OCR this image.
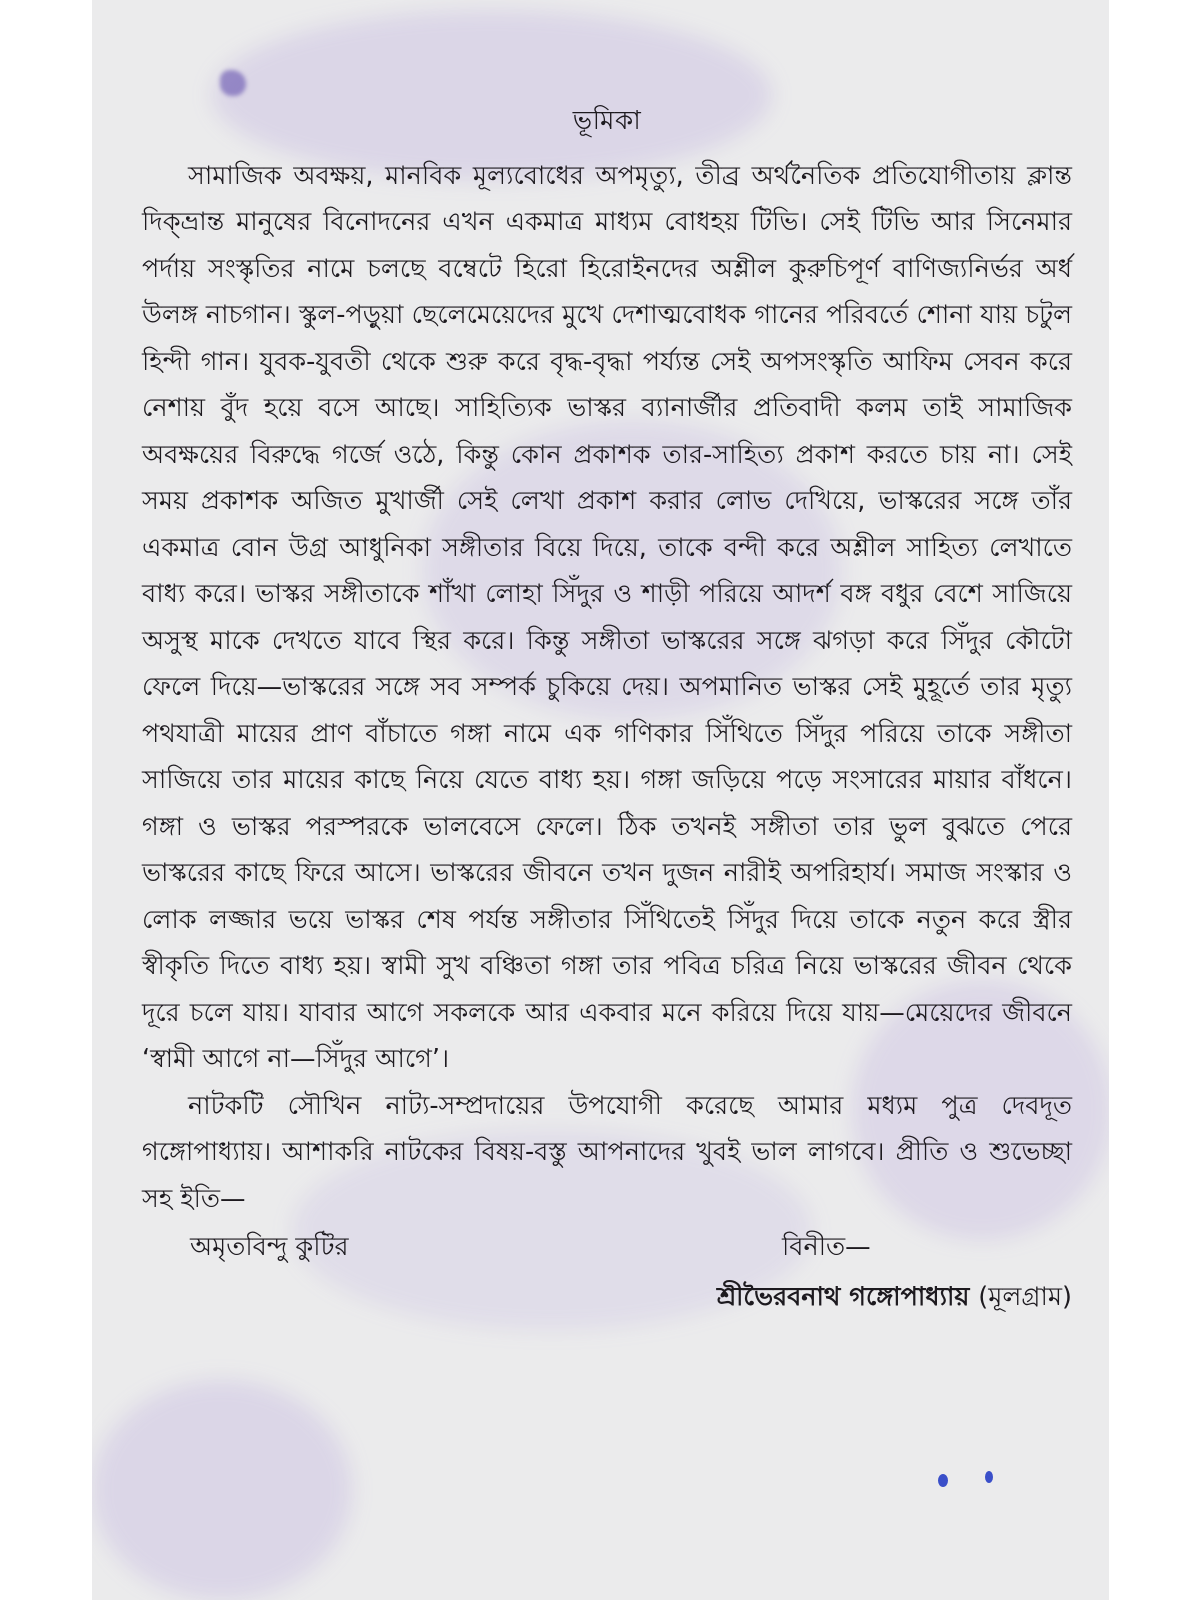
ভূমিকা

সামাজিক অবক্ষয়, মানবিক মূল্যবোধের অপমৃত্যু, তীব্র অর্থনৈতিক প্রতিযোগীতায় ক্লান্ত দিক্‌ভ্রান্ত মানুষের বিনোদনের এখন একমাত্র মাধ্যম বোধহয় টিভি। সেই টিভি আর সিনেমার পর্দায় সংস্কৃতির নামে চলছে বম্বেটে হিরো হিরোইনদের অশ্লীল কুরুচিপূর্ণ বাণিজ্যনির্ভর অর্ধ উলঙ্গ নাচগান। স্কুল-পড়ুয়া ছেলেমেয়েদের মুখে দেশাত্মবোধক গানের পরিবর্তে শোনা যায় চটুল হিন্দী গান। যুবক-যুবতী থেকে শুরু করে বৃদ্ধ-বৃদ্ধা পর্য্যন্ত সেই অপসংস্কৃতি আফিম সেবন করে নেশায় বুঁদ হয়ে বসে আছে। সাহিত্যিক ভাস্কর ব্যানার্জীর প্রতিবাদী কলম তাই সামাজিক অবক্ষয়ের বিরুদ্ধে গর্জে ওঠে, কিন্তু কোন প্রকাশক তার-সাহিত্য প্রকাশ করতে চায় না। সেই সময় প্রকাশক অজিত মুখার্জী সেই লেখা প্রকাশ করার লোভ দেখিয়ে, ভাস্করের সঙ্গে তাঁর একমাত্র বোন উগ্র আধুনিকা সঙ্গীতার বিয়ে দিয়ে, তাকে বন্দী করে অশ্লীল সাহিত্য লেখাতে বাধ্য করে। ভাস্কর সঙ্গীতাকে শাঁখা লোহা সিঁদুর ও শাড়ী পরিয়ে আদর্শ বঙ্গ বধুর বেশে সাজিয়ে অসুস্থ মাকে দেখতে যাবে স্থির করে। কিন্তু সঙ্গীতা ভাস্করের সঙ্গে ঝগড়া করে সিঁদুর কৌটো ফেলে দিয়ে—ভাস্করের সঙ্গে সব সম্পর্ক চুকিয়ে দেয়। অপমানিত ভাস্কর সেই মুহূর্তে তার মৃত্যু পথযাত্রী মায়ের প্রাণ বাঁচাতে গঙ্গা নামে এক গণিকার সিঁথিতে সিঁদুর পরিয়ে তাকে সঙ্গীতা সাজিয়ে তার মায়ের কাছে নিয়ে যেতে বাধ্য হয়। গঙ্গা জড়িয়ে পড়ে সংসারের মায়ার বাঁধনে। গঙ্গা ও ভাস্কর পরস্পরকে ভালবেসে ফেলে। ঠিক তখনই সঙ্গীতা তার ভুল বুঝতে পেরে ভাস্করের কাছে ফিরে আসে। ভাস্করের জীবনে তখন দুজন নারীই অপরিহার্য। সমাজ সংস্কার ও লোক লজ্জার ভয়ে ভাস্কর শেষ পর্যন্ত সঙ্গীতার সিঁথিতেই সিঁদুর দিয়ে তাকে নতুন করে স্ত্রীর স্বীকৃতি দিতে বাধ্য হয়। স্বামী সুখ বঞ্চিতা গঙ্গা তার পবিত্র চরিত্র নিয়ে ভাস্করের জীবন থেকে দূরে চলে যায়। যাবার আগে সকলকে আর একবার মনে করিয়ে দিয়ে যায়—মেয়েদের জীবনে ‘স্বামী আগে না—সিঁদুর আগে’।

নাটকটি সৌখিন নাট্য-সম্প্রদায়ের উপযোগী করেছে আমার মধ্যম পুত্র দেবদূত গঙ্গোপাধ্যায়। আশাকরি নাটকের বিষয়-বস্তু আপনাদের খুবই ভাল লাগবে। প্রীতি ও শুভেচ্ছা সহ ইতি—

অমৃতবিন্দু কুটির	বিনীত—
শ্রীভৈরবনাথ গঙ্গোপাধ্যায় (মূলগ্রাম)
